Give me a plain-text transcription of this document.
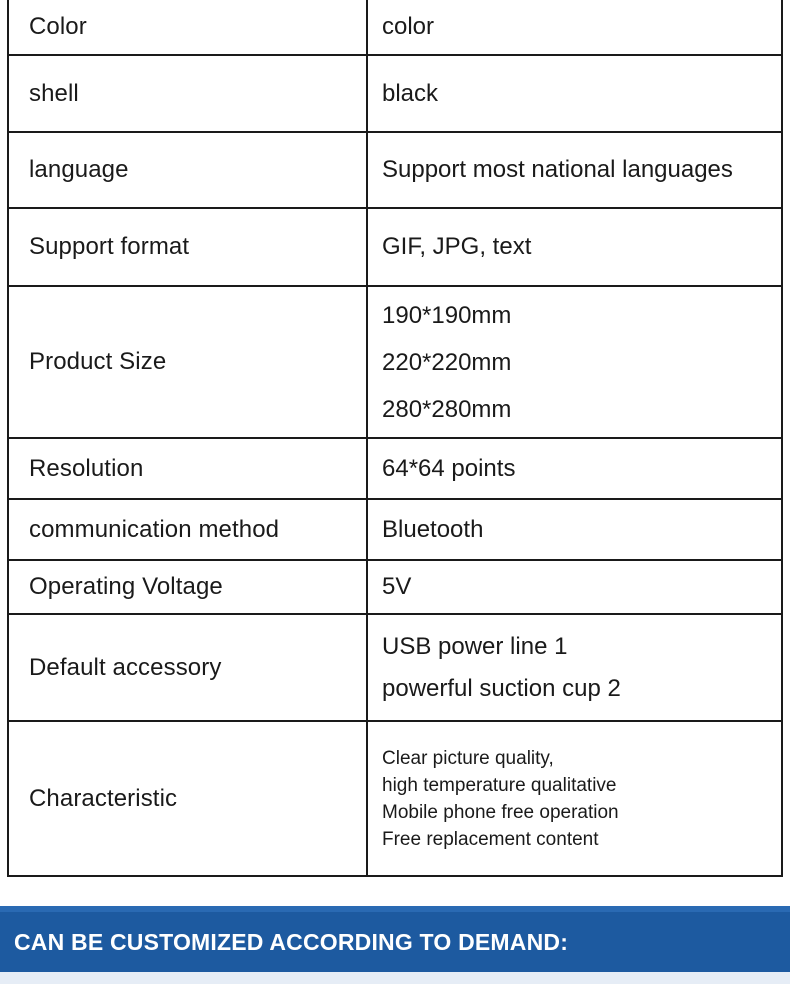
Color	color

shell	black

language	Support most national languages

Support format	GIF, JPG, text

Product Size	190*190mm
220*220mm
280*280mm

Resolution	64*64 points

communication method	Bluetooth

Operating Voltage	5V

Default accessory	USB power line 1
powerful suction cup 2

Characteristic	Clear picture quality,
high temperature qualitative
Mobile phone free operation
Free replacement content
CAN BE CUSTOMIZED ACCORDING TO DEMAND:
